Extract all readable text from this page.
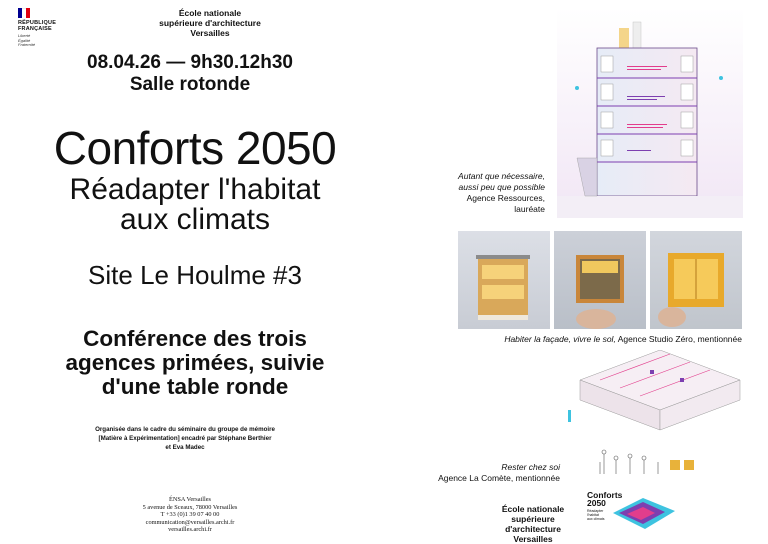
RÉPUBLIQUE
FRANÇAISE
Liberté
Égalité
Fraternité
École nationale
supérieure d'architecture
Versailles
08.04.26 — 9h30.12h30
Salle rotonde
Conforts 2050
Réadapter l'habitat
aux climats
Site Le Houlme #3
Conférence des trois
agences primées, suivie
d'une table ronde
Organisée dans le cadre du séminaire du groupe de mémoire
[Matière à Expérimentation] encadré par Stéphane Berthier
et Eva Madec
ÉNSA Versailles
5 avenue de Sceaux, 78000 Versailles
T +33 (0)1 39 07 40 00
communication@versailles.archi.fr
versailles.archi.fr
Autant que nécessaire,
aussi peu que possible
Agence Ressources,
lauréate
Habiter la façade, vivre le sol, Agence Studio Zéro, mentionnée
Rester chez soi
Agence La Comète, mentionnée
École nationale
supérieure d'architecture
Versailles
Conforts
2050
Réadapter
l'habitat
aux climats
